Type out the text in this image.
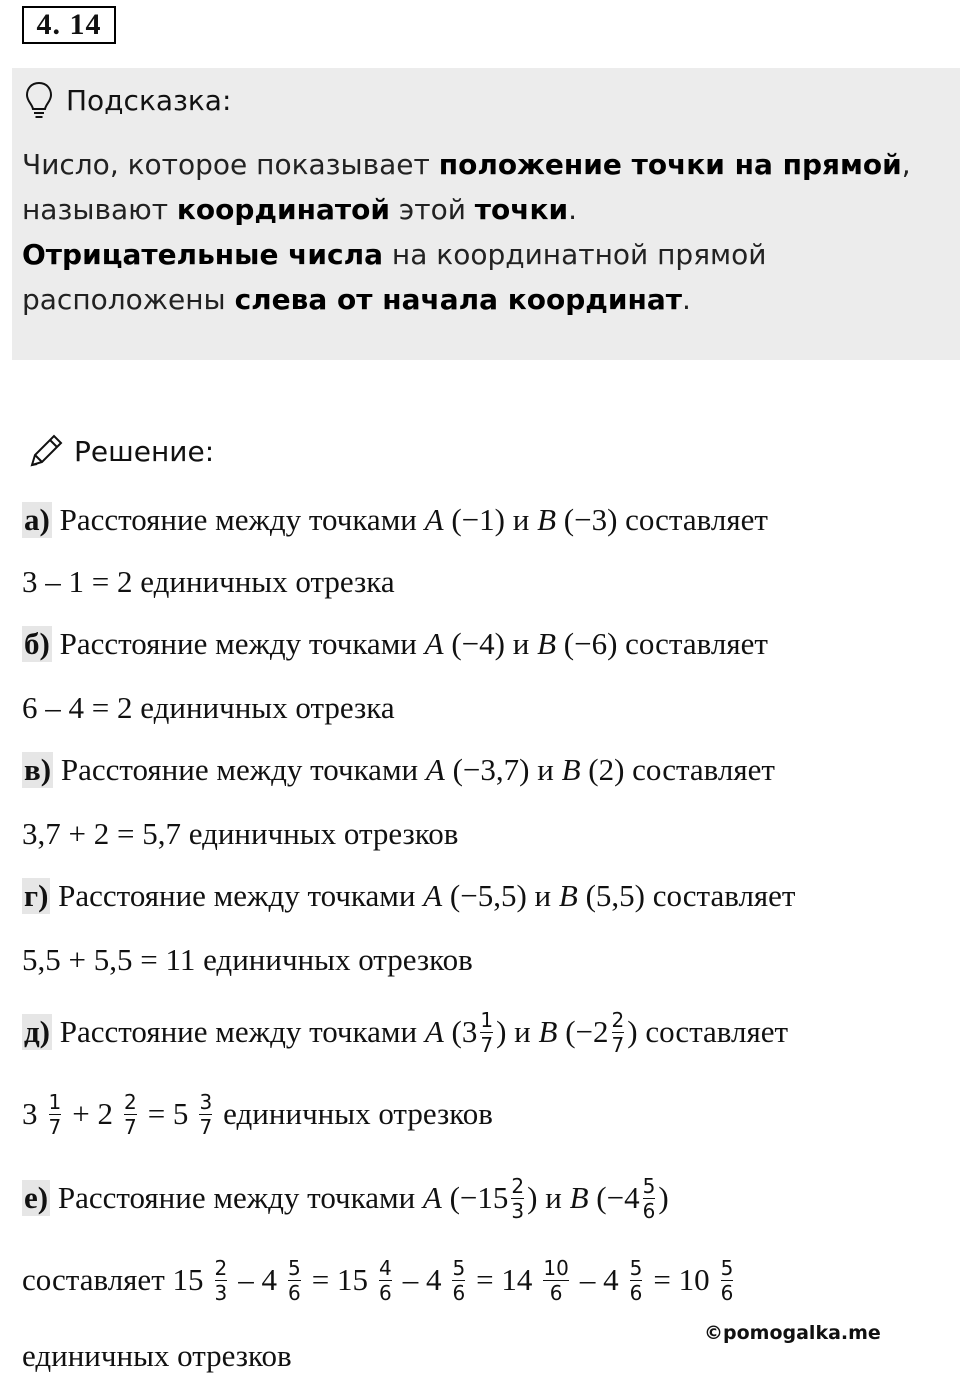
4. 14
Подсказка:
Число, которое показывает положение точки на прямой,
называют координатой этой точки.
Отрицательные числа на координатной прямой
расположены слева от начала координат.
Решение:
а) Расстояние между точками A (−1) и B (−3) составляет
3 – 1 = 2 единичных отрезка
б) Расстояние между точками A (−4) и B (−6) составляет
6 – 4 = 2 единичных отрезка
в) Расстояние между точками A (−3,7) и B (2) составляет
3,7 + 2 = 5,7 единичных отрезков
г) Расстояние между точками A (−5,5) и B (5,5) составляет
5,5 + 5,5 = 11 единичных отрезков
д) Расстояние между точками A ($3 \frac{1}{7}$ ) и B ($-2 \frac{2}{7}$ ) составляет
$3 \frac{1}{7} + 2 \frac{2}{7} = 5 \frac{3}{7}$ единичных отрезков
е) Расстояние между точками A ($-15 \frac{2}{3}$ ) и B ($-4 \frac{5}{6}$ )
составляет $15 \frac{2}{3} - 4 \frac{5}{6} = 15 \frac{4}{6} - 4 \frac{5}{6} = 14 \frac{10}{6} - 4 \frac{5}{6} = 10 \frac{5}{6}$
единичных отрезков
©pomogalka.me
